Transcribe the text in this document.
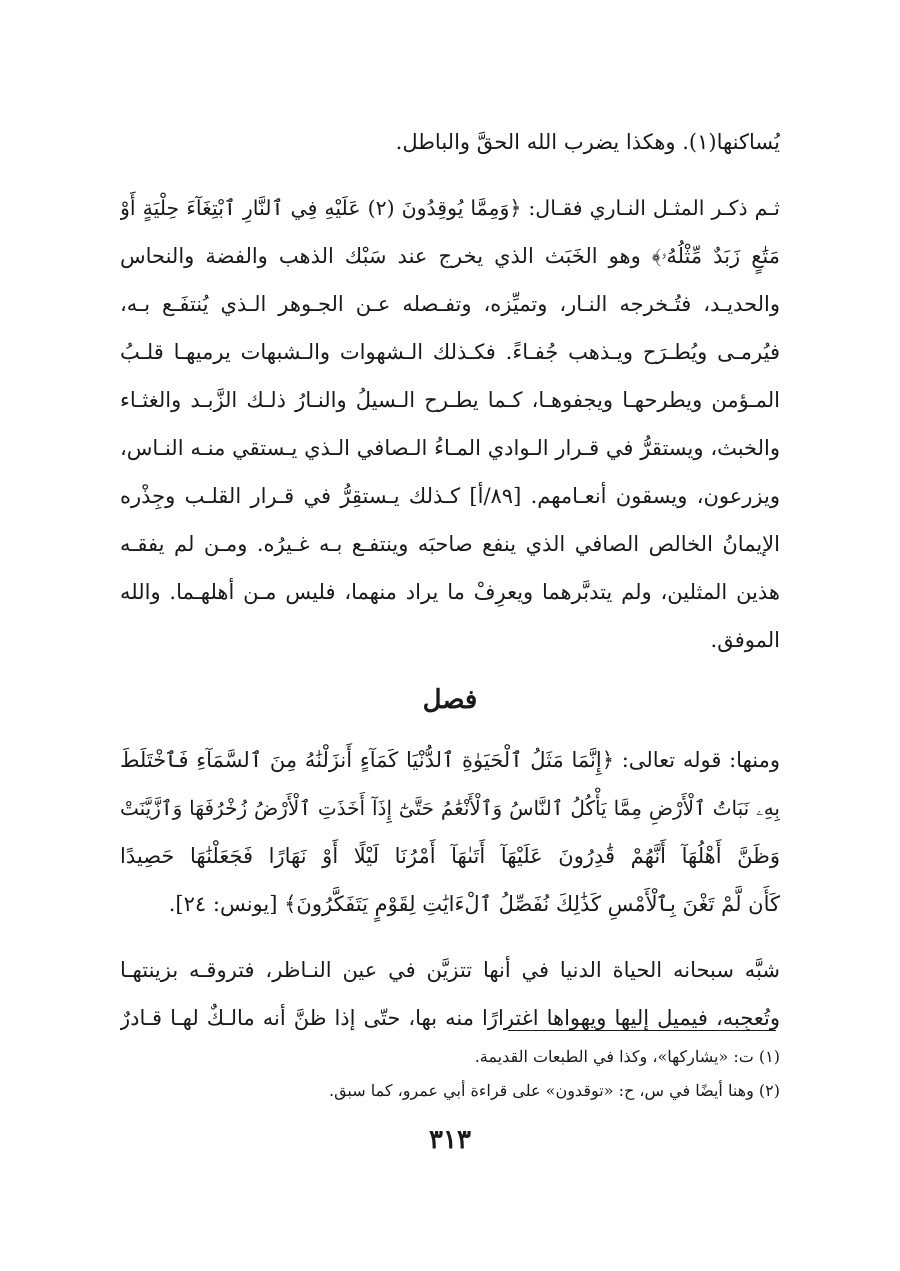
يُساكنها(١). وهكذا يضرب الله الحقَّ والباطل.
ثـم ذكـر المثـل النـاري فقـال: ﴿وَمِمَّا يُوقِدُونَ (٢) عَلَيْهِ فِي ٱلنَّارِ ٱبْتِغَآءَ حِلْيَةٍ أَوْ
مَتَٰعٍ زَبَدٌ مِّثْلُهُۥ﴾ وهو الخَبَث الذي يخرج عند سَبْك الذهب والفضة والنحاس
والحديـد، فتُـخرجه النـار، وتميِّزه، وتفـصله عـن الجـوهر الـذي يُنتفَـع بـه،
فيُرمـى ويُطـرَح ويـذهب جُفـاءً. فكـذلك الـشهوات والـشبهات يرميهـا قلـبُ
المـؤمن ويطرحهـا ويجفوهـا، كـما يطـرح الـسيلُ والنـارُ ذلـك الزَّبـد والغثـاء
والخبث، ويستقرُّ في قـرار الـوادي المـاءُ الـصافي الـذي يـستقي منـه النـاس،
ويزرعون، ويسقون أنعـامهم. [٨٩/أ] كـذلك يـستقِرُّ في قـرار القلـب وجِذْره
الإيمانُ الخالص الصافي الذي ينفع صاحبَه وينتفـع بـه غـيرُه. ومـن لم يفقـه
هذين المثلين، ولم يتدبَّرهما ويعرِفْ ما يراد منهما، فليس مـن أهلهـما. والله
الموفق.
فصل
ومنها: قوله تعالى: ﴿إِنَّمَا مَثَلُ ٱلْحَيَوٰةِ ٱلدُّنْيَا كَمَآءٍ أَنزَلْنَٰهُ مِنَ ٱلسَّمَآءِ فَٱخْتَلَطَ
بِهِۦ نَبَاتُ ٱلْأَرْضِ مِمَّا يَأْكُلُ ٱلنَّاسُ وَٱلْأَنْعَٰمُ حَتَّىٰٓ إِذَآ أَخَذَتِ ٱلْأَرْضُ زُخْرُفَهَا وَٱزَّيَّنَتْ
وَظَنَّ أَهْلُهَآ أَنَّهُمْ قَٰدِرُونَ عَلَيْهَآ أَتَىٰهَآ أَمْرُنَا لَيْلًا أَوْ نَهَارًا فَجَعَلْنَٰهَا حَصِيدًا
كَأَن لَّمْ تَغْنَ بِٱلْأَمْسِ كَذَٰلِكَ نُفَصِّلُ ٱلْءَايَٰتِ لِقَوْمٍ يَتَفَكَّرُونَ﴾ [يونس: ٢٤].
شبَّه سبحانه الحياة الدنيا في أنها تتزيَّن في عين النـاظر، فتروقـه بزينتهـا
وتُعجِبه، فيميل إليها ويهواها اغترارًا منه بها، حتّى إذا ظنَّ أنه مالـكٌ لهـا قـادرٌ
(١) ت: «يشاركها»، وكذا في الطبعات القديمة.
(٢) وهنا أيضًا في س، ح: «توقدون» على قراءة أبي عمرو، كما سبق.
٣١٣
